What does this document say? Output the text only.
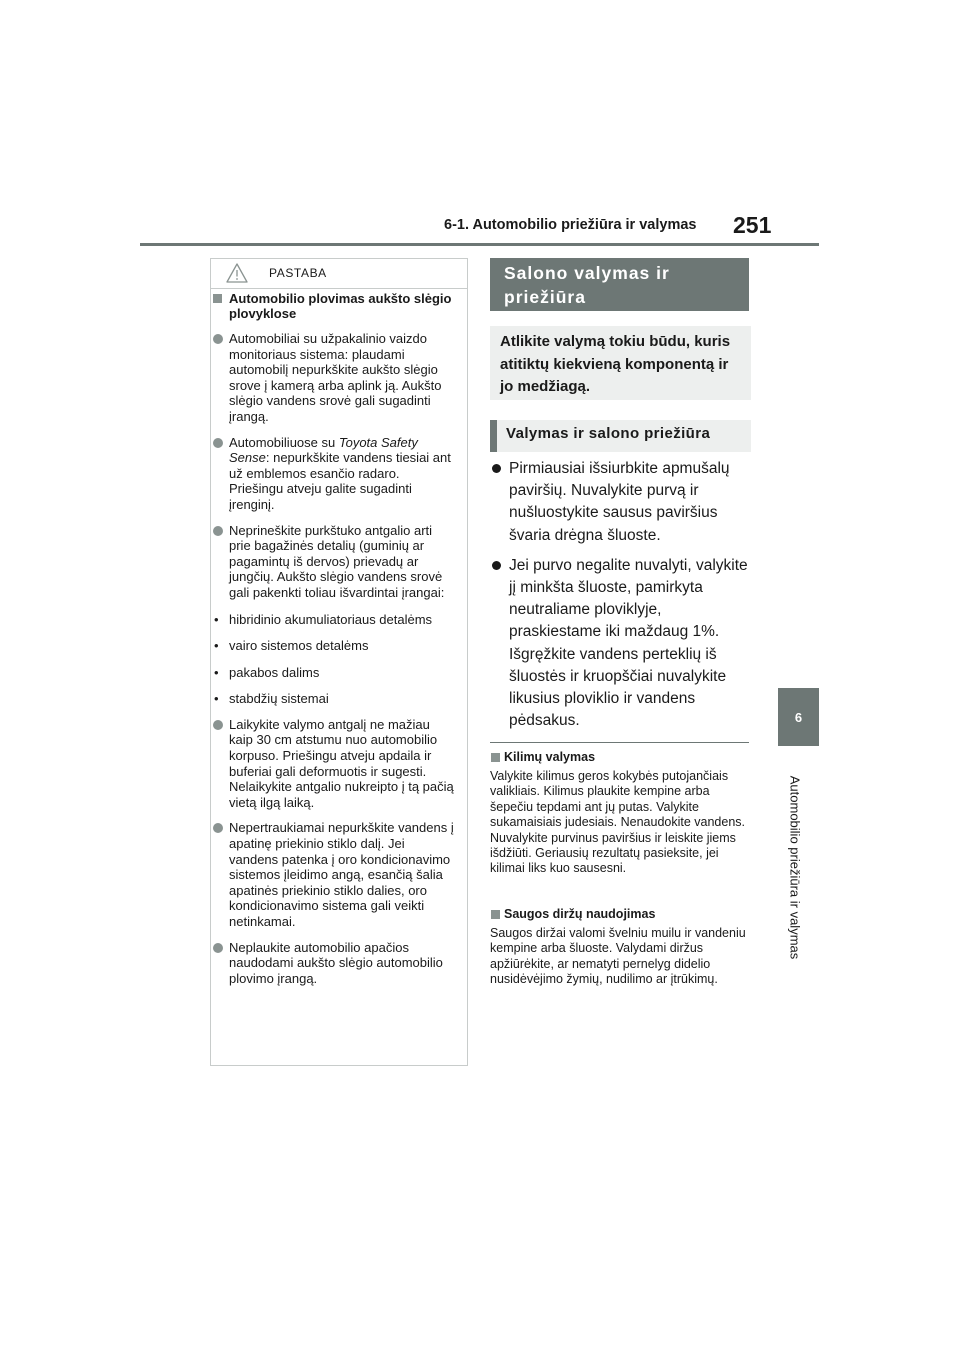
6-1. Automobilio priežiūra ir valymas 251
6
Automobilio priežiūra ir valymas
PASTABA
Automobilio plovimas aukšto slėgio plovyklose
Automobiliai su užpakalinio vaizdo monitoriaus sistema: plaudami automobilį nepurkškite aukšto slėgio srove į kamerą arba aplink ją. Aukšto slėgio vandens srovė gali sugadinti įrangą.
Automobiliuose su Toyota Safety Sense: nepurkškite vandens tiesiai ant už emblemos esančio radaro. Priešingu atveju galite sugadinti įrenginį.
Neprineškite purkštuko antgalio arti prie bagažinės detalių (guminių ar pagamintų iš dervos) prievadų ar jungčių. Aukšto slėgio vandens srovė gali pakenkti toliau išvardintai įrangai:
• hibridinio akumuliatoriaus detalėms
• vairo sistemos detalėms
• pakabos dalims
• stabdžių sistemai
Laikykite valymo antgalį ne mažiau kaip 30 cm atstumu nuo automobilio korpuso. Priešingu atveju apdaila ir buferiai gali deformuotis ir sugesti. Nelaikykite antgalio nukreipto į tą pačią vietą ilgą laiką.
Nepertraukiamai nepurkškite vandens į apatinę priekinio stiklo dalį. Jei vandens patenka į oro kondicionavimo sistemos įleidimo angą, esančią šalia apatinės priekinio stiklo dalies, oro kondicionavimo sistema gali veikti netinkamai.
Neplaukite automobilio apačios naudodami aukšto slėgio automobilio plovimo įrangą.
Salono valymas ir priežiūra
Atlikite valymą tokiu būdu, kuris atitiktų kiekvieną komponentą ir jo medžiagą.
Valymas ir salono priežiūra
Pirmiausiai išsiurbkite apmušalų paviršių. Nuvalykite purvą ir nušluostykite sausus paviršius švaria drėgna šluoste.
Jei purvo negalite nuvalyti, valykite jį minkšta šluoste, pamirkyta neutraliame ploviklyje, praskiestame iki maždaug 1%. Išgręžkite vandens perteklių iš šluostės ir kruopščiai nuvalykite likusius ploviklio ir vandens pėdsakus.
Kilimų valymas
Valykite kilimus geros kokybės putojančiais valikliais. Kilimus plaukite kempine arba šepečiu tepdami ant jų putas. Valykite sukamaisiais judesiais. Nenaudokite vandens. Nuvalykite purvinus paviršius ir leiskite jiems išdžiūti. Geriausių rezultatų pasieksite, jei kilimai liks kuo sausesni.
Saugos diržų naudojimas
Saugos diržai valomi švelniu muilu ir vandeniu kempine arba šluoste. Valydami diržus apžiūrėkite, ar nematyti pernelyg didelio nusidėvėjimo žymių, nudilimo ar įtrūkimų.
